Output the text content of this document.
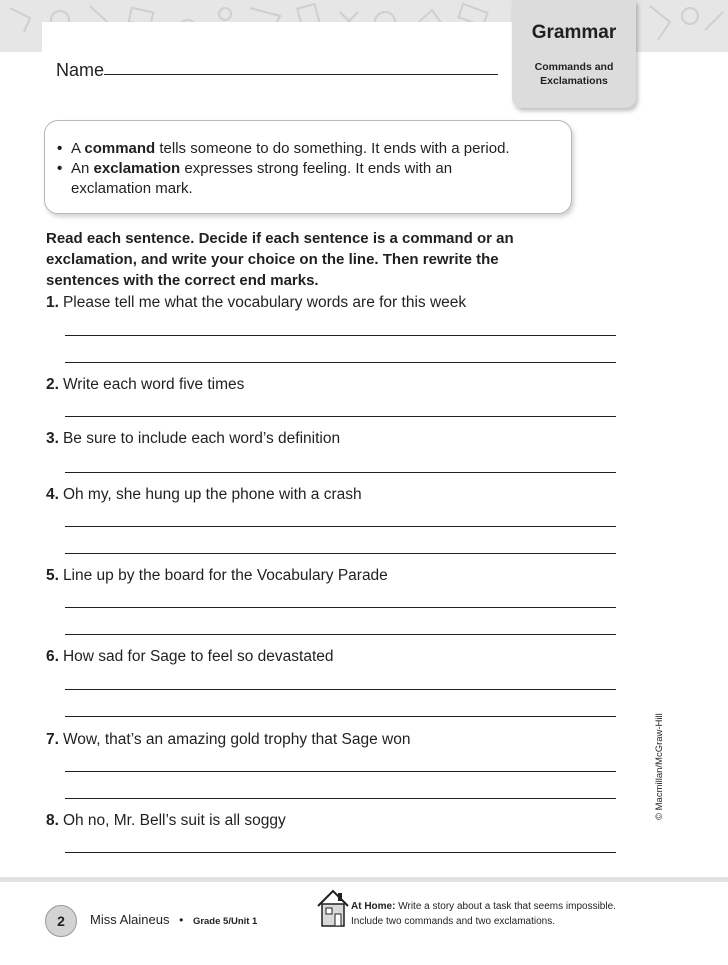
Name
Grammar
Commands and
Exclamations
• A command tells someone to do something. It ends with a period.
• An exclamation expresses strong feeling. It ends with an
exclamation mark.
Read each sentence. Decide if each sentence is a command or an
exclamation, and write your choice on the line. Then rewrite the
sentences with the correct end marks.
1. Please tell me what the vocabulary words are for this week
2. Write each word five times
3. Be sure to include each word’s definition
4. Oh my, she hung up the phone with a crash
5. Line up by the board for the Vocabulary Parade
6. How sad for Sage to feel so devastated
7. Wow, that’s an amazing gold trophy that Sage won
8. Oh no, Mr. Bell’s suit is all soggy
© Macmillan/McGraw-Hill
2	Miss Alaineus • Grade 5/Unit 1
At Home: Write a story about a task that seems impossible.
Include two commands and two exclamations.
